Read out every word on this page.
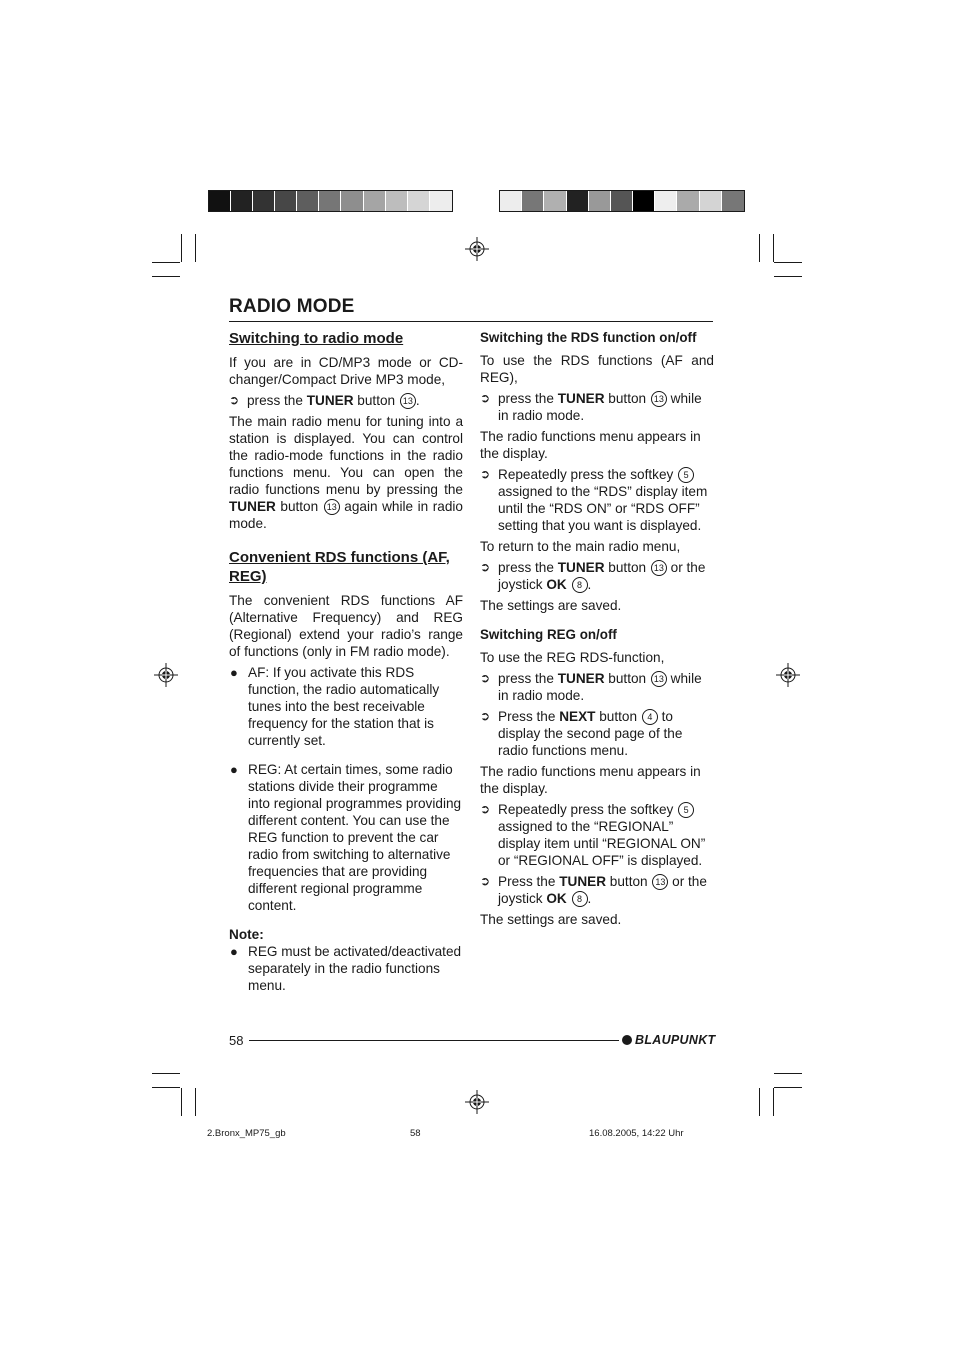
RADIO MODE
Switching to radio mode
If you are in CD/MP3 mode or CD-changer/Compact Drive MP3 mode,
➲ press the TUNER button 13 .
The main radio menu for tuning into a station is displayed. You can control the radio-mode functions in the radio functions menu. You can open the radio functions menu by pressing the TUNER button 13 again while in radio mode.
Convenient RDS functions (AF, REG)
The convenient RDS functions AF (Alternative Frequency) and REG (Regional) extend your radio’s range of functions (only in FM radio mode).
● AF: If you activate this RDS function, the radio automatically tunes into the best receivable frequency for the station that is currently set.
● REG: At certain times, some radio stations divide their programme into regional programmes providing different content. You can use the REG function to prevent the car radio from switching to alternative frequencies that are providing different regional programme content.
Note:
● REG must be activated/deactivated separately in the radio functions menu.
Switching the RDS function on/off
To use the RDS functions (AF and REG),
➲ press the TUNER button 13 while in radio mode.
The radio functions menu appears in the display.
➲ Repeatedly press the softkey 5 assigned to the “RDS” display item until the “RDS ON” or “RDS OFF” setting that you want is displayed.
To return to the main radio menu,
➲ press the TUNER button 13 or the joystick OK 8 .
The settings are saved.
Switching REG on/off
To use the REG RDS-function,
➲ press the TUNER button 13 while in radio mode.
➲ Press the NEXT button 4 to display the second page of the radio functions menu.
The radio functions menu appears in the display.
➲ Repeatedly press the softkey 5 assigned to the “REGIONAL” display item until “REGIONAL ON” or “REGIONAL OFF” is displayed.
➲ Press the TUNER button 13 or the joystick OK 8 .
The settings are saved.
58	BLAUPUNKT
2.Bronx_MP75_gb	58	16.08.2005, 14:22 Uhr
